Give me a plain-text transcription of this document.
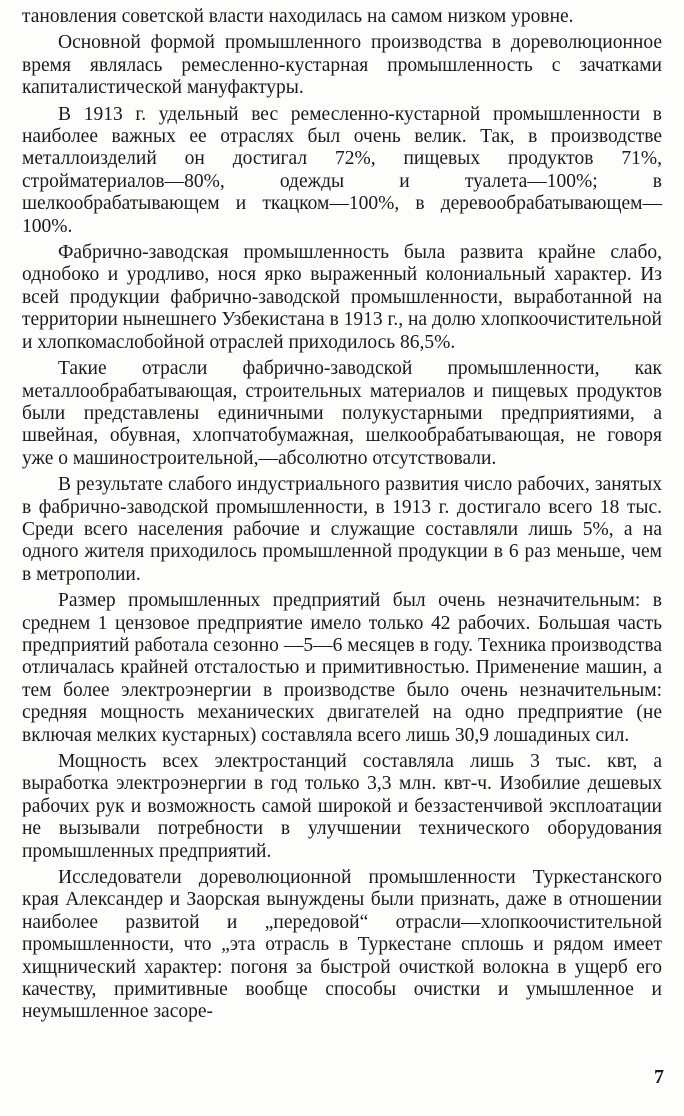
тановления советской власти находилась на самом низком уровне.

Основной формой промышленного производства в дореволюционное время являлась ремесленно-кустарная промышленность с зачатками капиталистической мануфактуры.

В 1913 г. удельный вес ремесленно-кустарной промышленности в наиболее важных ее отраслях был очень велик. Так, в производстве металлоизделий он достигал 72%, пищевых продуктов 71%, стройматериалов—80%, одежды и туалета—100%; в шелкообрабатывающем и ткацком—100%, в деревообрабатывающем—100%.

Фабрично-заводская промышленность была развита крайне слабо, однобоко и уродливо, нося ярко выраженный колониальный характер. Из всей продукции фабрично-заводской промышленности, выработанной на территории нынешнего Узбекистана в 1913 г., на долю хлопкоочистительной и хлопкомаслобойной отраслей приходилось 86,5%.

Такие отрасли фабрично-заводской промышленности, как металлообрабатывающая, строительных материалов и пищевых продуктов были представлены единичными полукустарными предприятиями, а швейная, обувная, хлопчатобумажная, шелкообрабатывающая, не говоря уже о машиностроительной,—абсолютно отсутствовали.

В результате слабого индустриального развития число рабочих, занятых в фабрично-заводской промышленности, в 1913 г. достигало всего 18 тыс. Среди всего населения рабочие и служащие составляли лишь 5%, а на одного жителя приходилось промышленной продукции в 6 раз меньше, чем в метрополии.

Размер промышленных предприятий был очень незначительным: в среднем 1 цензовое предприятие имело только 42 рабочих. Большая часть предприятий работала сезонно —5—6 месяцев в году. Техника производства отличалась крайней отсталостью и примитивностью. Применение машин, а тем более электроэнергии в производстве было очень незначительным: средняя мощность механических двигателей на одно предприятие (не включая мелких кустарных) составляла всего лишь 30,9 лошадиных сил.

Мощность всех электростанций составляла лишь 3 тыс. квт, а выработка электроэнергии в год только 3,3 млн. квт-ч. Изобилие дешевых рабочих рук и возможность самой широкой и беззастенчивой эксплоатации не вызывали потребности в улучшении технического оборудования промышленных предприятий.

Исследователи дореволюционной промышленности Туркестанского края Александер и Заорская вынуждены были признать, даже в отношении наиболее развитой и „передовой“ отрасли—хлопкоочистительной промышленности, что „эта отрасль в Туркестане сплошь и рядом имеет хищнический характер: погоня за быстрой очисткой волокна в ущерб его качеству, примитивные вообще способы очистки и умышленное и неумышленное засоре-

7
